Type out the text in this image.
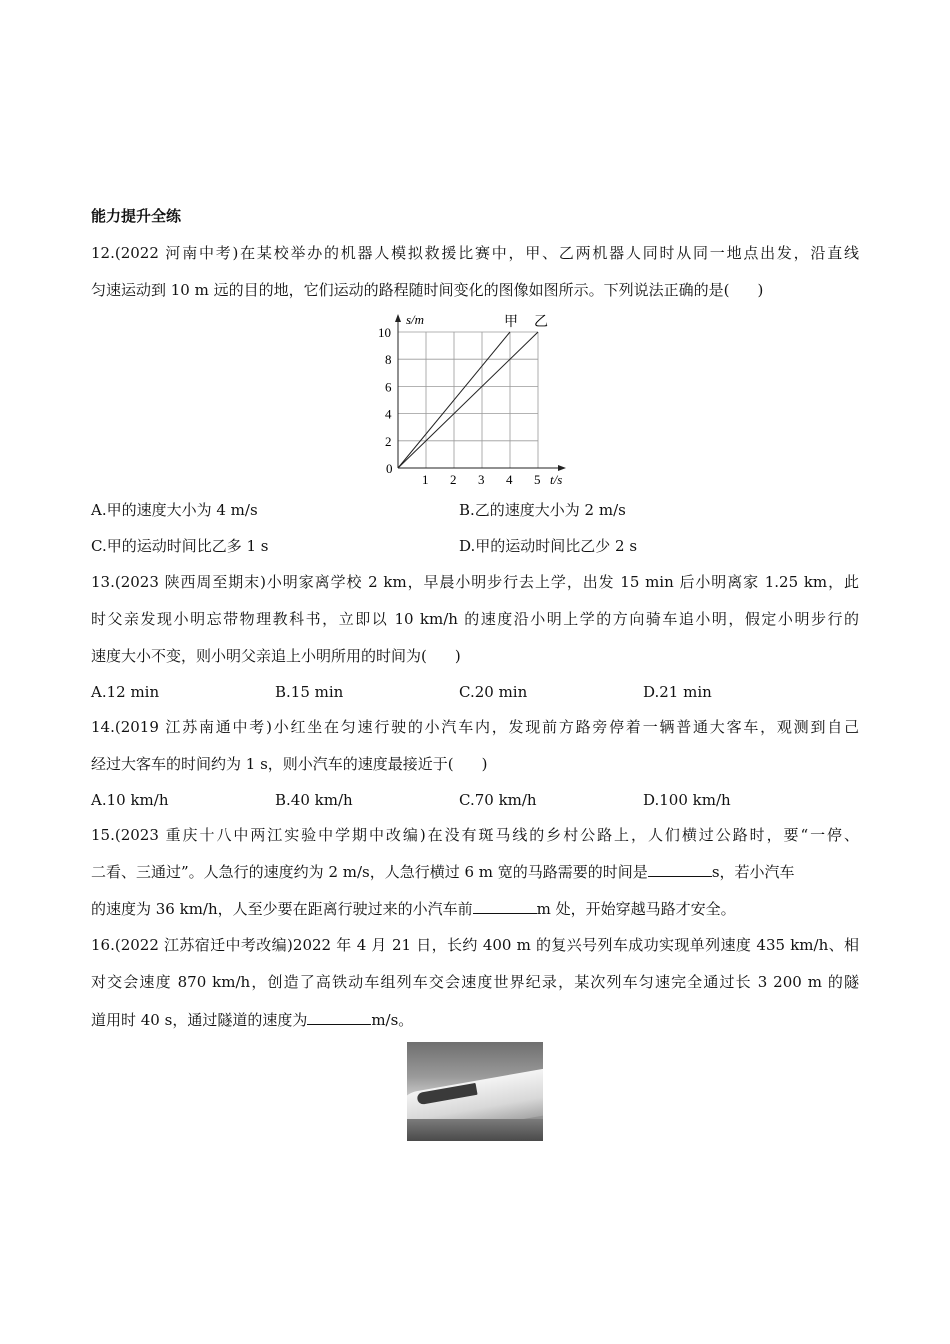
能力提升全练
12.(2022 河南中考)在某校举办的机器人模拟救援比赛中，甲、乙两机器人同时从同一地点出发，沿直线
匀速运动到 10 m 远的目的地，它们运动的路程随时间变化的图像如图所示。下列说法正确的是( )
1 2 3 4 5
2
4
6
8
10
s/m
t/s
0
甲 乙
A.甲的速度大小为 4 m/s	B.乙的速度大小为 2 m/s
C.甲的运动时间比乙多 1 s	D.甲的运动时间比乙少 2 s
13.(2023 陕西周至期末)小明家离学校 2 km，早晨小明步行去上学，出发 15 min 后小明离家 1.25 km，此
时父亲发现小明忘带物理教科书，立即以 10 km/h 的速度沿小明上学的方向骑车追小明，假定小明步行的
速度大小不变，则小明父亲追上小明所用的时间为( )
A.12 min	B.15 min	C.20 min	D.21 min
14.(2019 江苏南通中考)小红坐在匀速行驶的小汽车内，发现前方路旁停着一辆普通大客车，观测到自己
经过大客车的时间约为 1 s，则小汽车的速度最接近于( )
A.10 km/h	B.40 km/h	C.70 km/h	D.100 km/h
15.(2023 重庆十八中两江实验中学期中改编)在没有斑马线的乡村公路上，人们横过公路时，要“一停、
二看、三通过”。人急行的速度约为 2 m/s，人急行横过 6 m 宽的马路需要的时间是	s，若小汽车
的速度为 36 km/h，人至少要在距离行驶过来的小汽车前	m 处，开始穿越马路才安全。
16.(2022 江苏宿迁中考改编)2022 年 4 月 21 日，长约 400 m 的复兴号列车成功实现单列速度 435 km/h、相
对交会速度 870 km/h，创造了高铁动车组列车交会速度世界纪录，某次列车匀速完全通过长 3 200 m 的隧
道用时 40 s，通过隧道的速度为	m/s。
